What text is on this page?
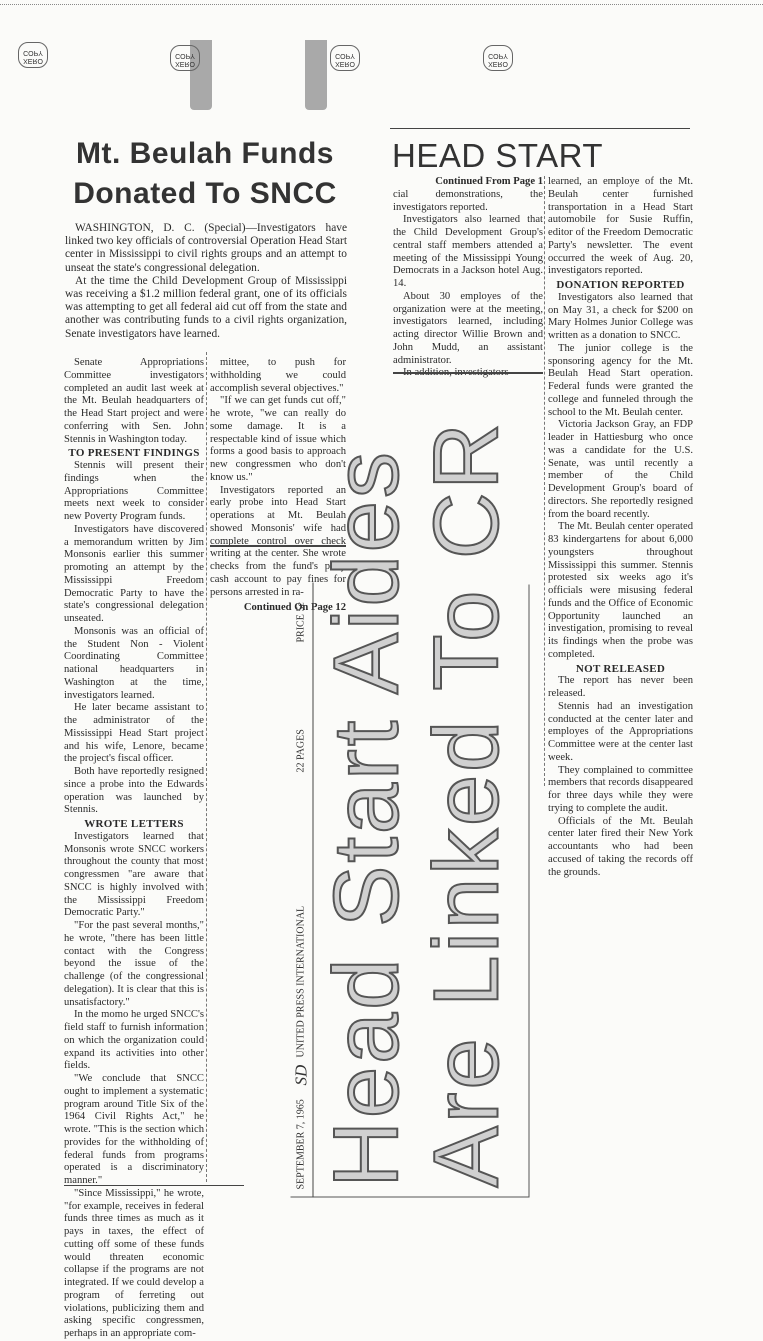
XERO COPY
XERO COPY
XERO COPY
XERO COPY
Mt. Beulah Funds
Donated To SNCC

WASHINGTON, D. C. (Special)—Investigators have linked two key officials of controversial Operation Head Start center in Mississippi to civil rights groups and an attempt to unseat the state's congressional delegation.

At the time the Child Development Group of Mississippi was receiving a $1.2 million federal grant, one of its officials was attempting to get all federal aid cut off from the state and another was contributing funds to a civil rights organization, Senate investigators have learned.

Senate Appropriations Committee investigators completed an audit last week at the Mt. Beulah headquarters of the Head Start project and were conferring with Sen. John Stennis in Washington today.

TO PRESENT FINDINGS

Stennis will present their findings when the Appropriations Committee meets next week to consider new Poverty Program funds.

Investigators have discovered a memorandum written by Jim Monsonis earlier this summer promoting an attempt by the Mississippi Freedom Democratic Party to have the state's congressional delegation unseated.

Monsonis was an official of the Student Non - Violent Coordinating Committee national headquarters in Washington at the time, investigators learned.

He later became assistant to the administrator of the Mississippi Head Start project and his wife, Lenore, became the project's fiscal officer.

Both have reportedly resigned since a probe into the Edwards operation was launched by Stennis.

WROTE LETTERS

Investigators learned that Monsonis wrote SNCC workers throughout the county that most congressmen "are aware that SNCC is highly involved with the Mississippi Freedom Democratic Party."

"For the past several months," he wrote, "there has been little contact with the Congress beyond the issue of the challenge (of the congressional delegation). It is clear that this is unsatisfactory."

In the momo he urged SNCC's field staff to furnish information on which the organization could expand its activities into other fields.

"We conclude that SNCC ought to implement a systematic program around Title Six of the 1964 Civil Rights Act," he wrote. "This is the section which provides for the withholding of federal funds from programs operated is a discriminatory manner."

"Since Mississippi," he wrote, "for example, receives in federal funds three times as much as it pays in taxes, the effect of cutting off some of these funds would threaten economic collapse if the programs are not integrated. If we could develop a program of ferreting out violations, publicizing them and asking specific congressmen, perhaps in an appropriate com-

mittee, to push for withholding we could accomplish several objectives."

"If we can get funds cut off," he wrote, "we can really do some damage. It is a respectable kind of issue which forms a good basis to approach new congressmen who don't know us."

Investigators reported an early probe into Head Start operations at Mt. Beulah showed Monsonis' wife had complete control over check writing at the center. She wrote checks from the fund's petty cash account to pay fines for persons arrested in ra-

Continued On Page 12

HEAD START

Continued From Page 1

cial demonstrations, the investigators reported.

Investigators also learned that the Child Development Group's central staff members attended a meeting of the Mississippi Young Democrats in a Jackson hotel Aug. 14.

About 30 employes of the organization were at the meeting, investigators learned, including acting director Willie Brown and John Mudd, an assistant administrator.

In addition, investigators

learned, an employe of the Mt. Beulah center furnished transportation in a Head Start automobile for Susie Ruffin, editor of the Freedom Democratic Party's newsletter. The event occurred the week of Aug. 20, investigators reported.

DONATION REPORTED

Investigators also learned that on May 31, a check for $200 on Mary Holmes Junior College was written as a donation to SNCC.

The junior college is the sponsoring agency for the Mt. Beulah Head Start operation. Federal funds were granted the college and funneled through the school to the Mt. Beulah center.

Victoria Jackson Gray, an FDP leader in Hattiesburg who once was a candidate for the U.S. Senate, was until recently a member of the Child Development Group's board of directors. She reportedly resigned from the board recently.

The Mt. Beulah center operated 83 kindergartens for about 6,000 youngsters throughout Mississippi this summer. Stennis protested six weeks ago it's officials were misusing federal funds and the Office of Economic Opportunity launched an investigation, promising to reveal its findings when the probe was completed.

NOT RELEASED

The report has never been released.

Stennis had an investigation conducted at the center later and employes of the Appropriations Committee were at the center last week.

They complained to committee members that records disappeared for three days while they were trying to complete the audit.

Officials of the Mt. Beulah center later fired their New York accountants who had been accused of taking the records off the grounds.

SEPTEMBER 7, 1965
SD
UNITED PRESS INTERNATIONAL
22 PAGES
PRICE 5c Head Start Aides
Are Linked To CR
